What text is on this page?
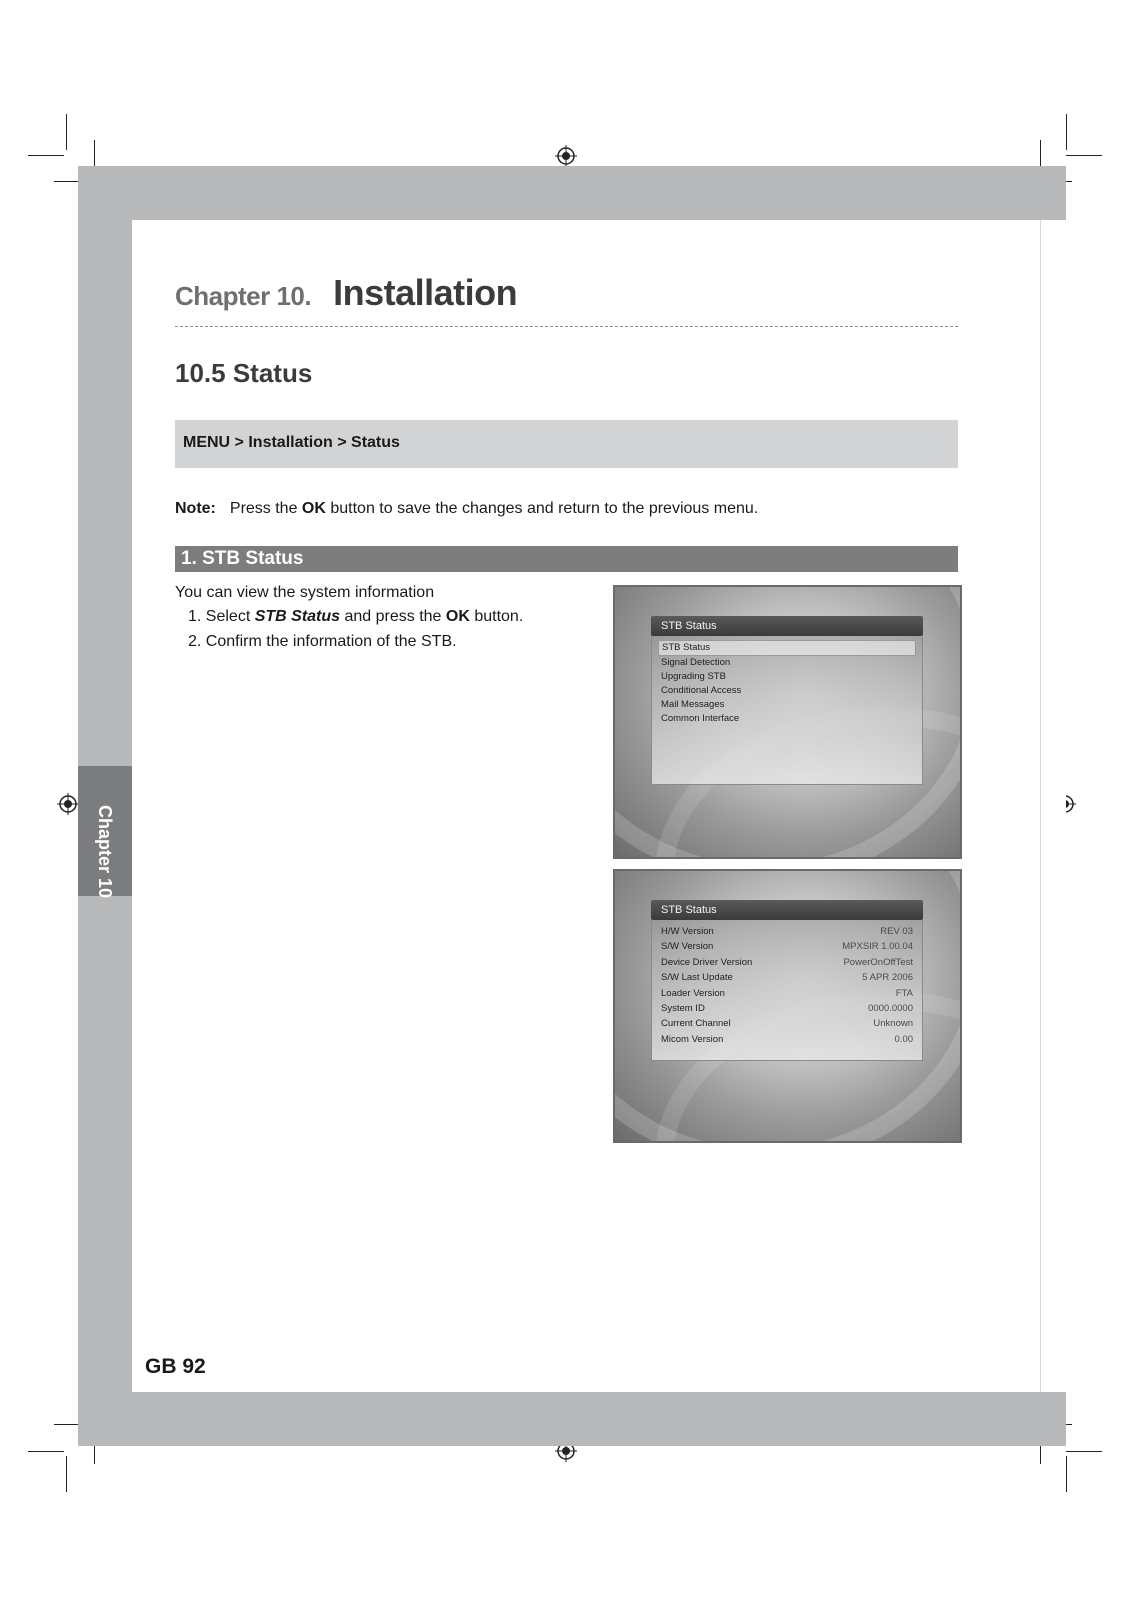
Chapter 10
Chapter 10. Installation
10.5 Status
MENU > Installation > Status
Note: Press the OK button to save the changes and return to the previous menu.
1. STB Status
You can view the system information
1. Select STB Status and press the OK button.
2. Confirm the information of the STB.
STB Status
STB Status
Signal Detection
Upgrading STB
Conditional Access
Mail Messages
Common Interface
STB Status
H/W Version	REV 03
S/W Version	MPXSIR 1.00.04
Device Driver Version	PowerOnOffTest
S/W Last Update	5 APR 2006
Loader Version	FTA
System ID	0000.0000
Current Channel	Unknown
Micom Version	0.00
GB 92
